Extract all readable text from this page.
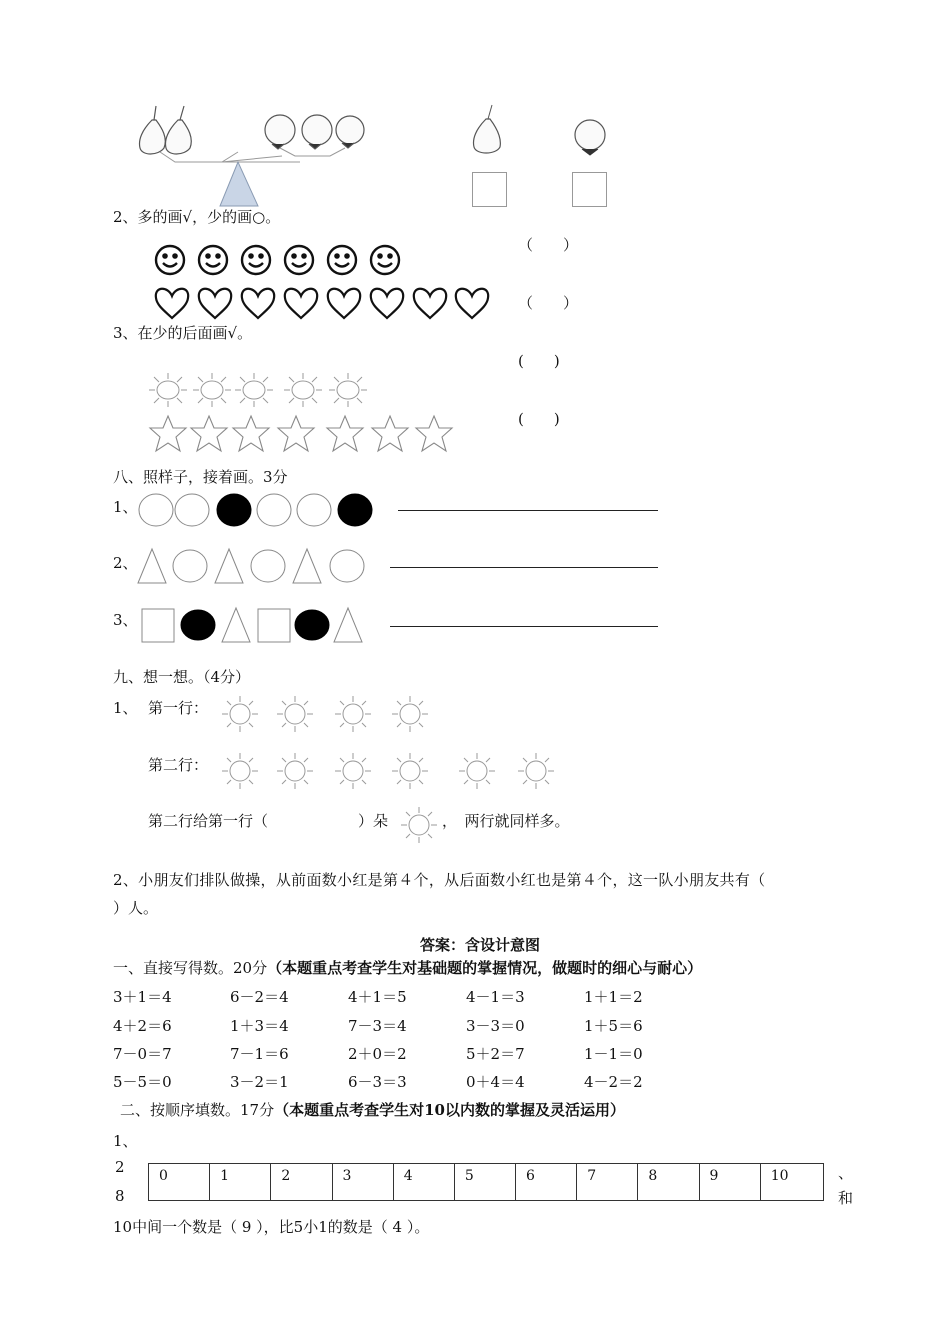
2、多的画√，少的画○。
（　　）
（　　）
3、在少的后面画√。
(　　)
(　　)
八、照样子，接着画。3分
1、
2、
3、
九、想一想。（4分）
1、 第一行：
第二行：
第二行给第一行（	）朵	，　两行就同样多。
2、小朋友们排队做操，从前面数小红是第４个，从后面数小红也是第４个，这一队小朋友共有（
）人。
答案：含设计意图
一、直接写得数。20分（本题重点考查学生对基础题的掌握情况，做题时的细心与耐心）
3＋1＝4	6－2＝4	4＋1＝5	4－1＝3	1＋1＝2
4＋2＝6	1＋3＝4	7－3＝4	3－3＝0	1＋5＝6
7－0＝7	7－1＝6	2＋0＝2	5＋2＝7	1－1＝0
5－5＝0	3－2＝1	6－3＝3	0＋4＝4	4－2＝2
二、按顺序填数。17分（本题重点考查学生对10以内数的掌握及灵活运用）
1、
2
8
、
和
0	1	2	3	4	5	6	7	8	9	10
10中间一个数是（ 9 ），比5小1的数是（ 4 ）。
